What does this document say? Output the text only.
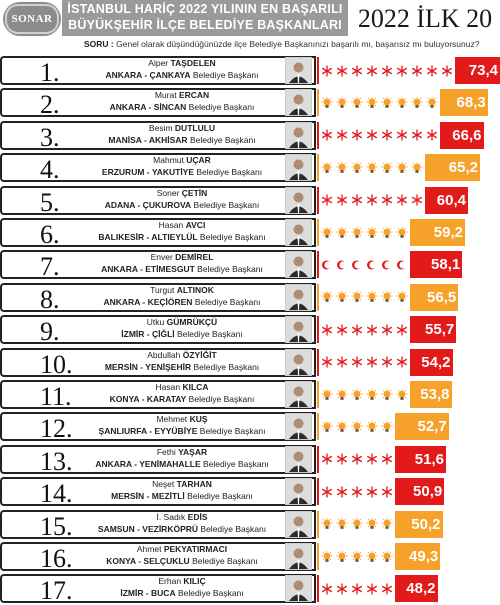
SONAR
İSTANBUL HARİÇ 2022 YILININ EN BAŞARILI
BÜYÜKŞEHİR İLÇE BELEDİYE BAŞKANLARI 2022 İLK 20
SORU : Genel olarak düşündüğünüzde ilçe Belediye Başkanınızı başarılı mı, başarısız mı buluyorsunuz?
1.	Alper TAŞDELEN
ANKARA - ÇANKAYA Belediye Başkanı	73,4
2.	Murat ERCAN
ANKARA - SİNCAN Belediye Başkanı	68,3
3.	Besim DUTLULU
MANİSA - AKHİSAR Belediye Başkanı	66,6
4.	Mahmut UÇAR
ERZURUM - YAKUTİYE Belediye Başkanı	65,2
5.	Soner ÇETİN
ADANA - ÇUKUROVA Belediye Başkanı	60,4
6.	Hasan AVCI
BALIKESİR - ALTIEYLÜL Belediye Başkanı	59,2
7.	Enver DEMİREL
ANKARA - ETİMESGUT Belediye Başkanı	58,1
8.	Turgut ALTINOK
ANKARA - KEÇİÖREN Belediye Başkanı	56,5
9.	Utku GÜMRÜKÇÜ
İZMİR - ÇİĞLİ Belediye Başkanı	55,7
10.	Abdullah ÖZYİĞİT
MERSİN - YENİŞEHİR Belediye Başkanı	54,2
11.	Hasan KILCA
KONYA - KARATAY Belediye Başkanı	53,8
12.	Mehmet KUŞ
ŞANLIURFA - EYYÜBİYE Belediye Başkanı	52,7
13.	Fethi YAŞAR
ANKARA - YENİMAHALLE Belediye Başkanı	51,6
14.	Neşet TARHAN
MERSİN - MEZİTLİ Belediye Başkanı	50,9
15.	İ. Sadık EDİS
SAMSUN - VEZİRKÖPRÜ Belediye Başkanı	50,2
16.	Ahmet PEKYATIRMACI
KONYA - SELÇUKLU Belediye Başkanı	49,3
17.	Erhan KILIÇ
İZMİR - BUCA Belediye Başkanı	48,2
